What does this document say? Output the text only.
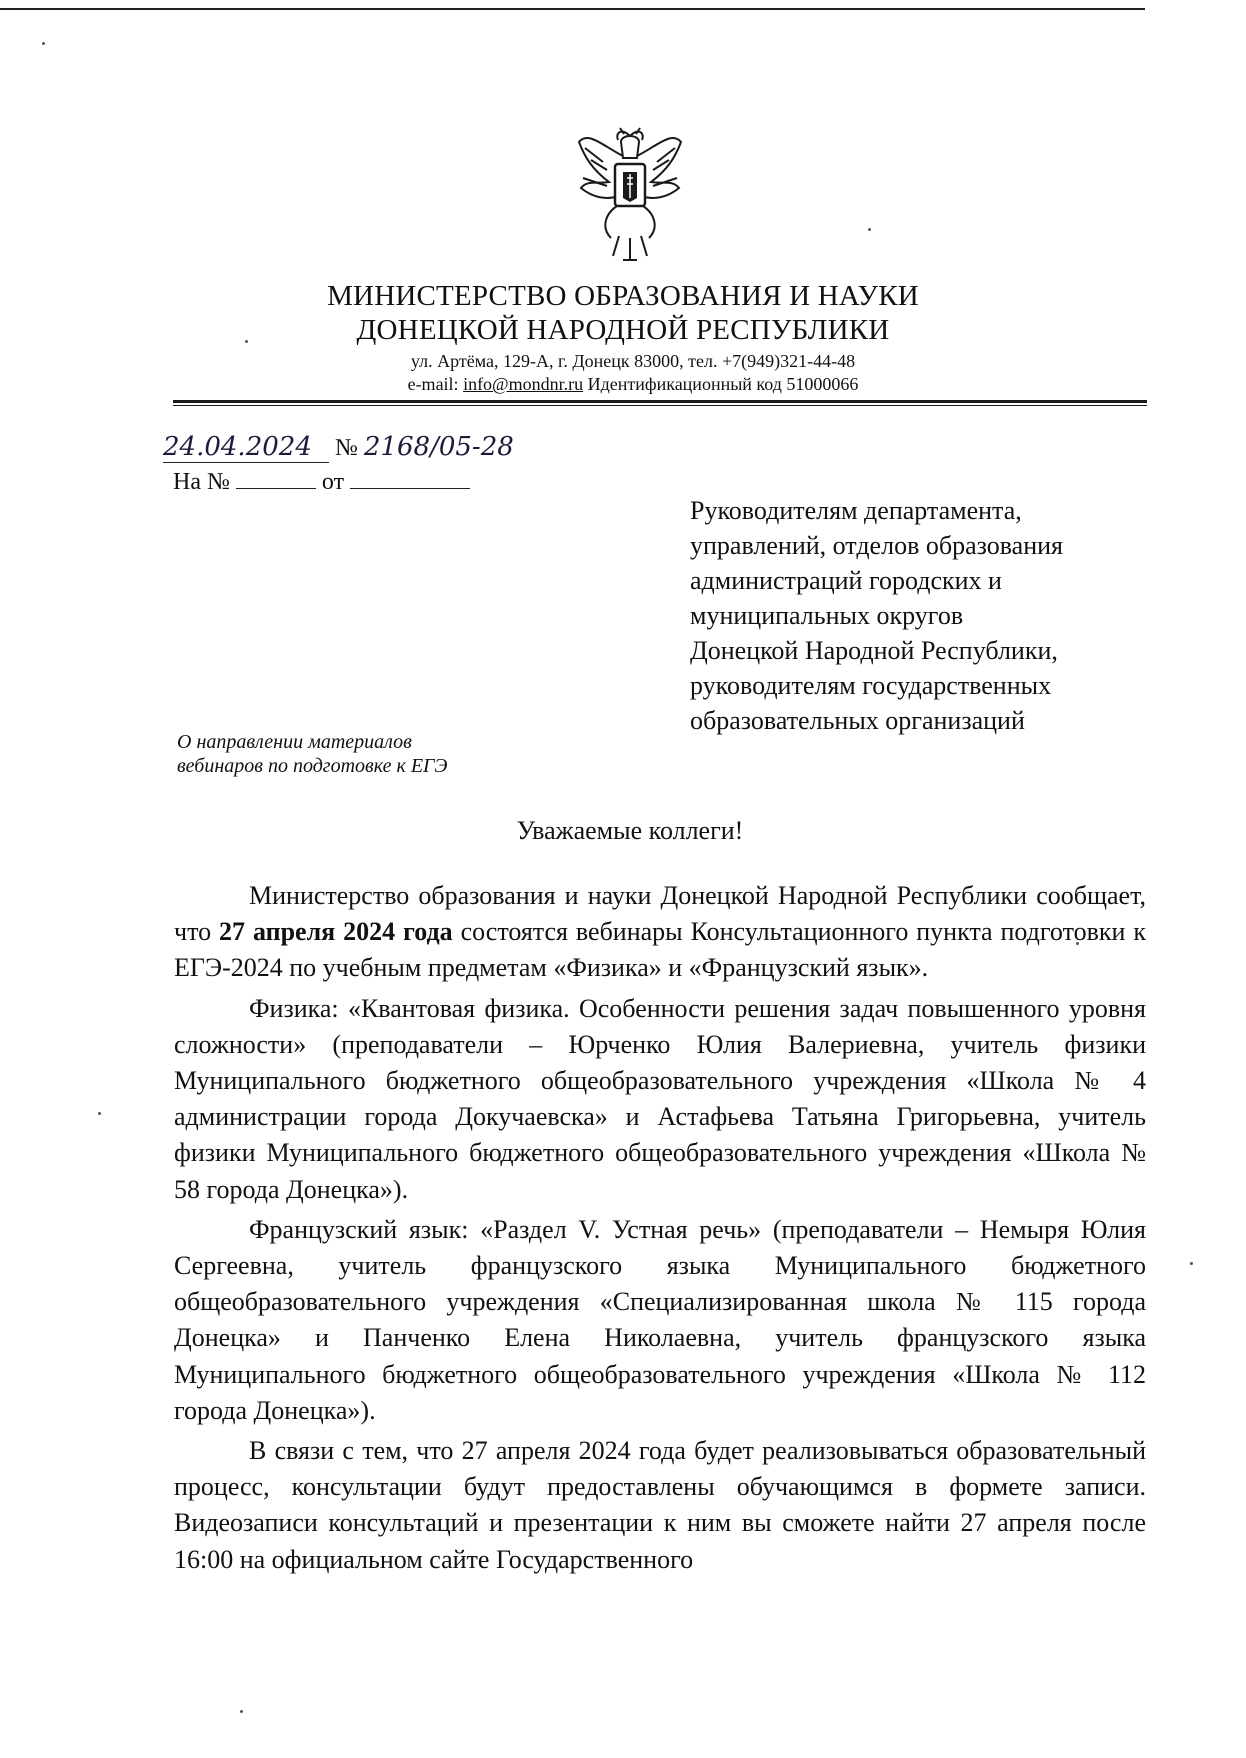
МИНИСТЕРСТВО ОБРАЗОВАНИЯ И НАУКИ
ДОНЕЦКОЙ НАРОДНОЙ РЕСПУБЛИКИ
ул. Артёма, 129-А, г. Донецк 83000, тел. +7(949)321-44-48
e-mail: info@mondnr.ru Идентификационный код 51000066
24.04.2024 № 2168/05-28
На №	от
Руководителям департамента,
управлений, отделов образования
администраций городских и
муниципальных округов
Донецкой Народной Республики,
руководителям государственных
образовательных организаций
О направлении материалов
вебинаров по подготовке к ЕГЭ
Уважаемые коллеги!

Министерство образования и науки Донецкой Народной Республики сообщает, что 27 апреля 2024 года состоятся вебинары Консультационного пункта подготовки к ЕГЭ-2024 по учебным предметам «Физика» и «Французский язык».

Физика: «Квантовая физика. Особенности решения задач повышенного уровня сложности» (преподаватели – Юрченко Юлия Валериевна, учитель физики Муниципального бюджетного общеобразовательного учреждения «Школа № 4 администрации города Докучаевска» и Астафьева Татьяна Григорьевна, учитель физики Муниципального бюджетного общеобразовательного учреждения «Школа № 58 города Донецка»).

Французский язык: «Раздел V. Устная речь» (преподаватели – Немыря Юлия Сергеевна, учитель французского языка Муниципального бюджетного общеобразовательного учреждения «Специализированная школа № 115 города Донецка» и Панченко Елена Николаевна, учитель французского языка Муниципального бюджетного общеобразовательного учреждения «Школа № 112 города Донецка»).

В связи с тем, что 27 апреля 2024 года будет реализовываться образовательный процесс, консультации будут предоставлены обучающимся в формете записи. Видеозаписи консультаций и презентации к ним вы сможете найти 27 апреля после 16:00 на официальном сайте Государственного
